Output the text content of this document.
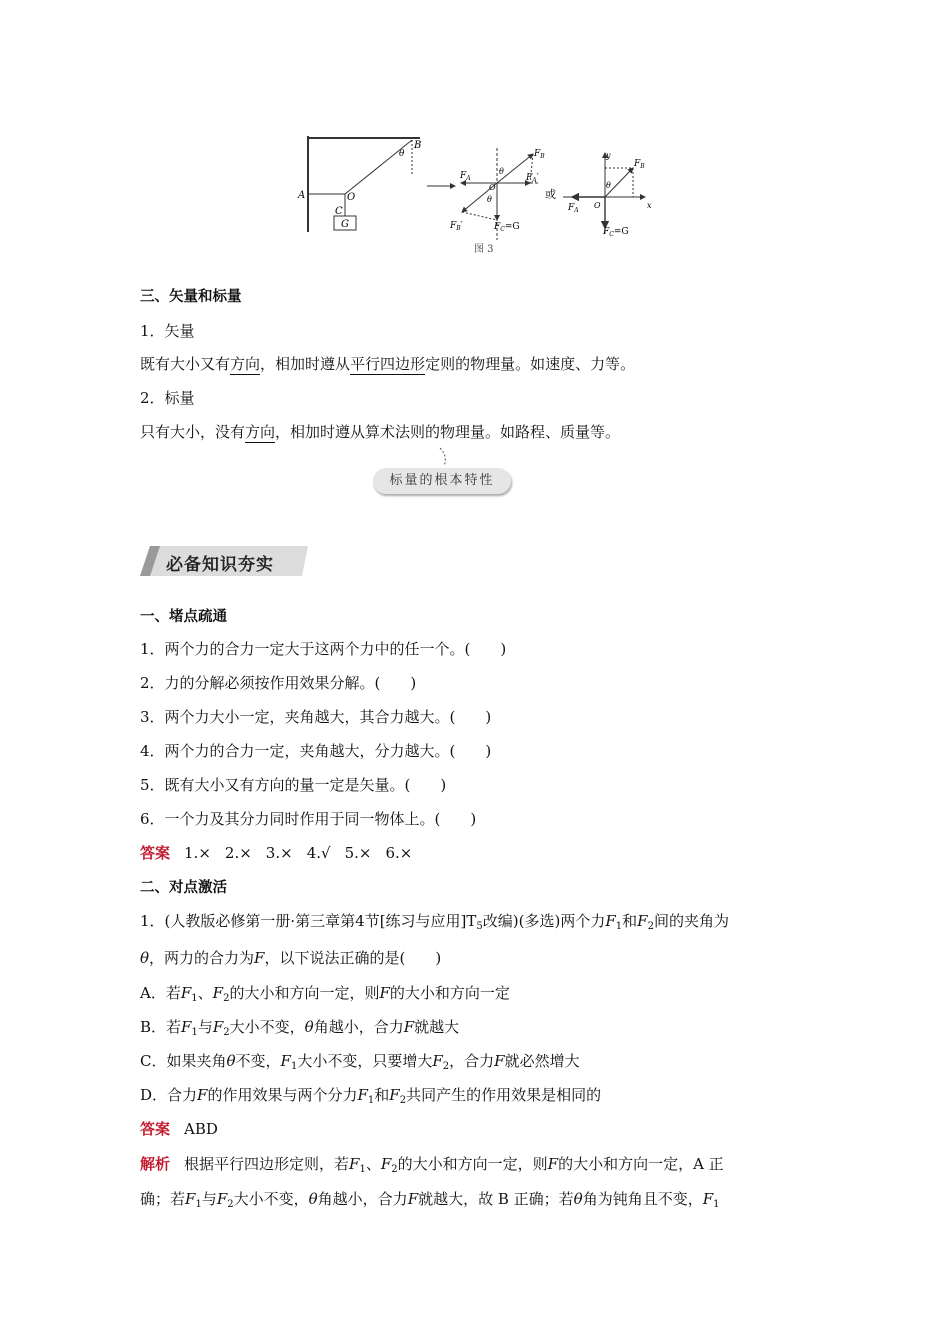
A
B
θ
O
C
G
$F_B$
$F_A$	$F_A'$
$F_B'$	$F_C=G$
θ
θ
O
或
y
x
$F_B$
$F_A$
O
θ
$F_C=G$
图 3
三、矢量和标量
1．矢量
既有大小又有方向，相加时遵从平行四边形定则的物理量。如速度、力等。
2．标量
只有大小，没有方向，相加时遵从算术法则的物理量。如路程、质量等。
标量的根本特性
必备知识夯实
一、堵点疏通
1．两个力的合力一定大于这两个力中的任一个。(　　)
2．力的分解必须按作用效果分解。(　　)
3．两个力大小一定，夹角越大，其合力越大。(　　)
4．两个力的合力一定，夹角越大，分力越大。(　　)
5．既有大小又有方向的量一定是矢量。(　　)
6．一个力及其分力同时作用于同一物体上。(　　)
答案 1.× 2.× 3.× 4.√ 5.× 6.×
二、对点激活
1．(人教版必修第一册·第三章第4节[练习与应用]$T_5$改编)(多选)两个力$F_1$和$F_2$间的夹角为
θ，两力的合力为F，以下说法正确的是(　　)
A．若$F_1$、$F_2$的大小和方向一定，则F的大小和方向一定
B．若$F_1$与$F_2$大小不变，θ角越小，合力F就越大
C．如果夹角θ不变，$F_1$大小不变，只要增大$F_2$，合力F就必然增大
D．合力F的作用效果与两个分力$F_1$和$F_2$共同产生的作用效果是相同的
答案 ABD
解析 根据平行四边形定则，若$F_1$、$F_2$的大小和方向一定，则F的大小和方向一定，A 正
确；若$F_1$与$F_2$大小不变，θ角越小，合力F就越大，故 B 正确；若θ角为钝角且不变，$F_1$
